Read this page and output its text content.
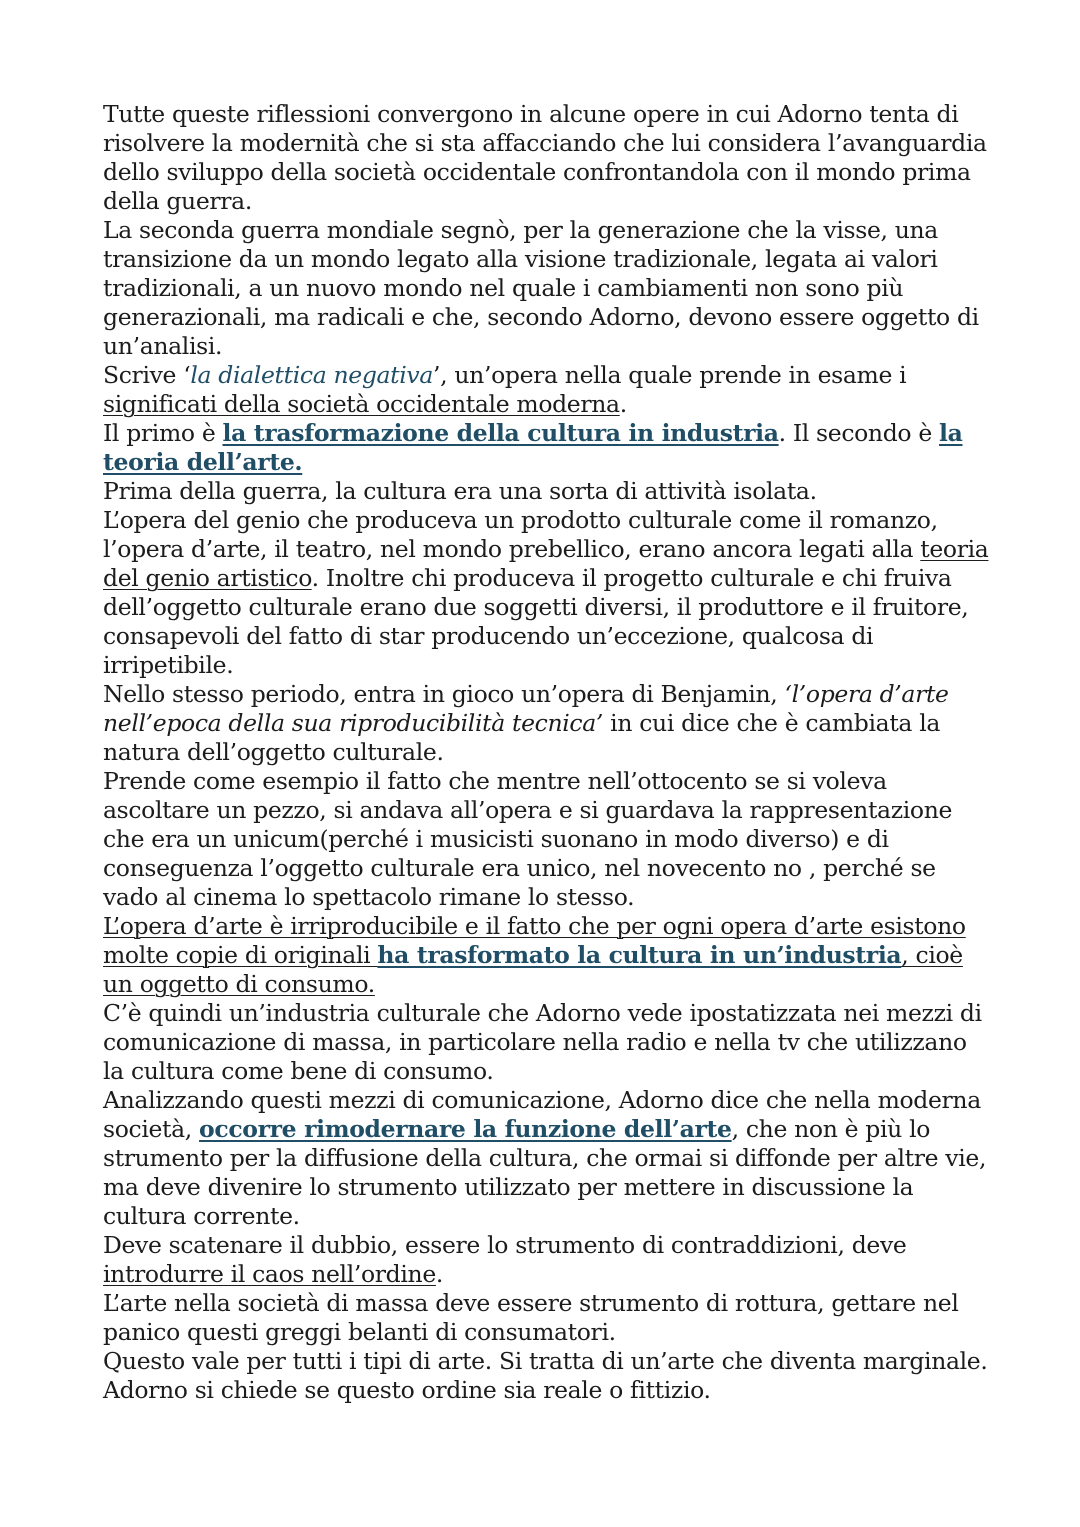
Tutte queste riflessioni convergono in alcune opere in cui Adorno tenta di risolvere la modernità che si sta affacciando che lui considera l’avanguardia dello sviluppo della società occidentale confrontandola con il mondo prima della guerra.

La seconda guerra mondiale segnò, per la generazione che la visse, una transizione da un mondo legato alla visione tradizionale, legata ai valori tradizionali, a un nuovo mondo nel quale i cambiamenti non sono più generazionali, ma radicali e che, secondo Adorno, devono essere oggetto di un’analisi.

Scrive ‘la dialettica negativa’, un’opera nella quale prende in esame i significati della società occidentale moderna.

Il primo è la trasformazione della cultura in industria. Il secondo è la teoria dell’arte.

Prima della guerra, la cultura era una sorta di attività isolata.

L’opera del genio che produceva un prodotto culturale come il romanzo, l’opera d’arte, il teatro, nel mondo prebellico, erano ancora legati alla teoria del genio artistico. Inoltre chi produceva il progetto culturale e chi fruiva dell’oggetto culturale erano due soggetti diversi, il produttore e il fruitore, consapevoli del fatto di star producendo un’eccezione, qualcosa di irripetibile.

Nello stesso periodo, entra in gioco un’opera di Benjamin, ‘l’opera d’arte nell’epoca della sua riproducibilità tecnica’ in cui dice che è cambiata la natura dell’oggetto culturale.

Prende come esempio il fatto che mentre nell’ottocento se si voleva ascoltare un pezzo, si andava all’opera e si guardava la rappresentazione che era un unicum(perché i musicisti suonano in modo diverso) e di conseguenza l’oggetto culturale era unico, nel novecento no , perché se vado al cinema lo spettacolo rimane lo stesso.

L’opera d’arte è irriproducibile e il fatto che per ogni opera d’arte esistono molte copie di originali ha trasformato la cultura in un’industria, cioè un oggetto di consumo.

C’è quindi un’industria culturale che Adorno vede ipostatizzata nei mezzi di comunicazione di massa, in particolare nella radio e nella tv che utilizzano la cultura come bene di consumo.

Analizzando questi mezzi di comunicazione, Adorno dice che nella moderna società, occorre rimodernare la funzione dell’arte, che non è più lo strumento per la diffusione della cultura, che ormai si diffonde per altre vie, ma deve divenire lo strumento utilizzato per mettere in discussione la cultura corrente.

Deve scatenare il dubbio, essere lo strumento di contraddizioni, deve introdurre il caos nell’ordine.

L’arte nella società di massa deve essere strumento di rottura, gettare nel panico questi greggi belanti di consumatori.

Questo vale per tutti i tipi di arte. Si tratta di un’arte che diventa marginale.

Adorno si chiede se questo ordine sia reale o fittizio.
